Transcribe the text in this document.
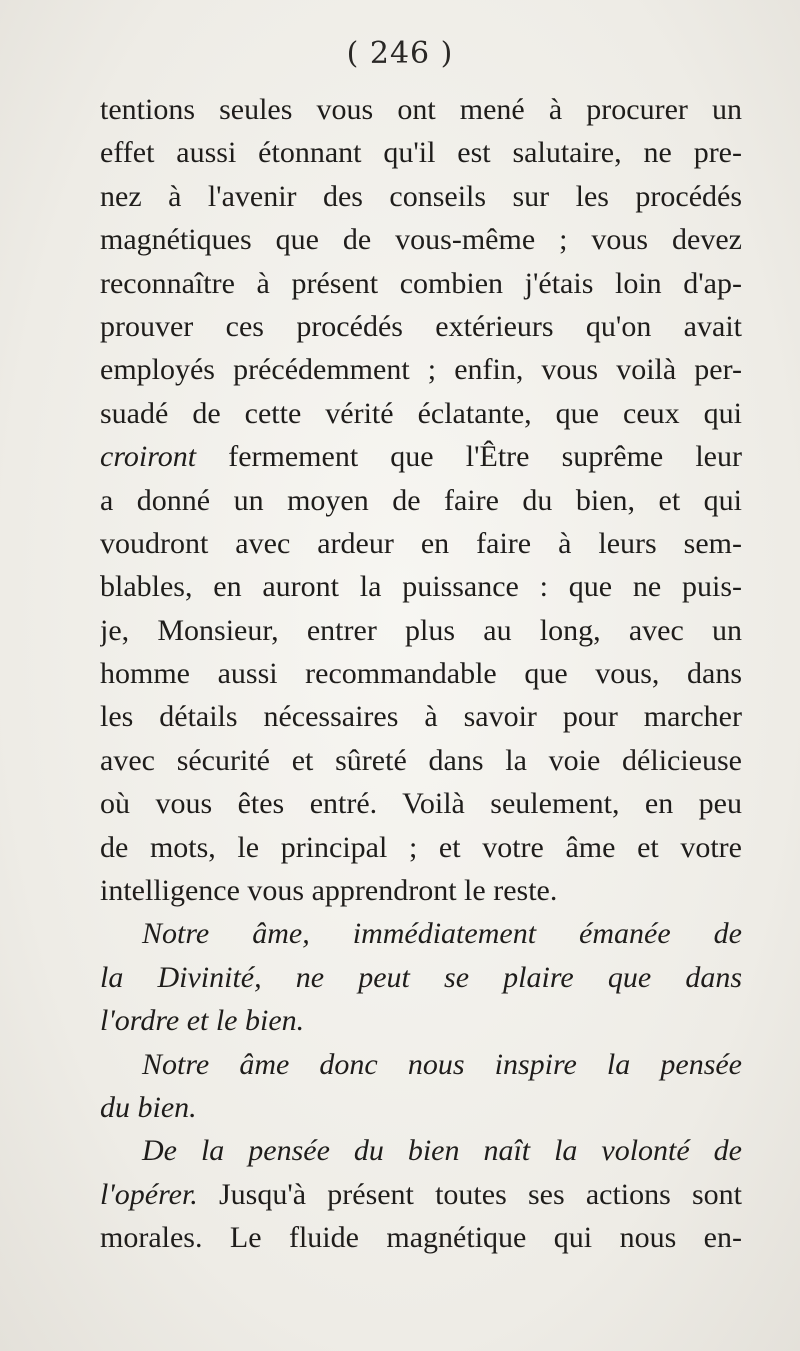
( 246 )
tentions seules vous ont mené à procurer un
effet aussi étonnant qu'il est salutaire, ne pre-
nez à l'avenir des conseils sur les procédés
magnétiques que de vous-même ; vous devez
reconnaître à présent combien j'étais loin d'ap-
prouver ces procédés extérieurs qu'on avait
employés précédemment ; enfin, vous voilà per-
suadé de cette vérité éclatante, que ceux qui
croiront fermement que l'Être suprême leur
a donné un moyen de faire du bien, et qui
voudront avec ardeur en faire à leurs sem-
blables, en auront la puissance : que ne puis-
je, Monsieur, entrer plus au long, avec un
homme aussi recommandable que vous, dans
les détails nécessaires à savoir pour marcher
avec sécurité et sûreté dans la voie délicieuse
où vous êtes entré. Voilà seulement, en peu
de mots, le principal ; et votre âme et votre
intelligence vous apprendront le reste.
Notre âme, immédiatement émanée de
la Divinité, ne peut se plaire que dans
l'ordre et le bien.
Notre âme donc nous inspire la pensée
du bien.
De la pensée du bien naît la volonté de
l'opérer. Jusqu'à présent toutes ses actions sont
morales. Le fluide magnétique qui nous en-
